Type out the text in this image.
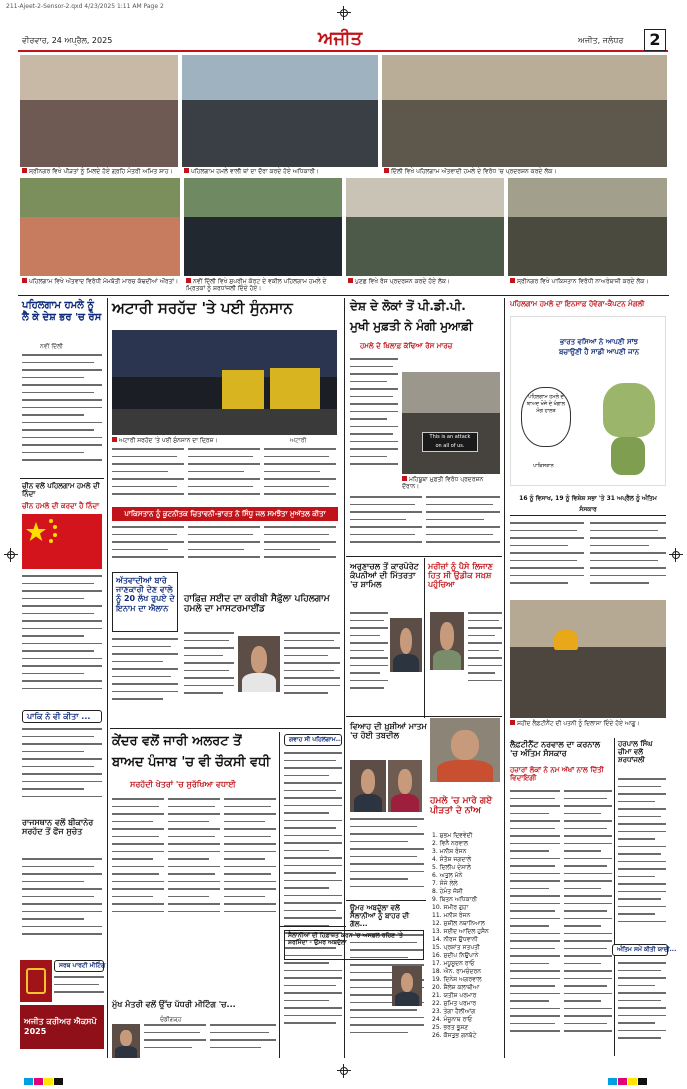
211-Ajeet-2-Sensor-2.qxd 4/23/2025 1:11 AM Page 2
ਵੀਰਵਾਰ, 24 ਅਪ੍ਰੈਲ, 2025	ਅਜੀਤ	ਅਜੀਤ, ਜਲੰਧਰ	2
ਸ੍ਰੀਨਗਰ ਵਿਖੇ ਪੀੜਤਾਂ ਨੂੰ ਮਿਲਦੇ ਹੋਏ ਗ੍ਰਹਿ ਮੰਤਰੀ ਅਮਿਤ ਸ਼ਾਹ।	ਪਹਿਲਗਾਮ ਹਮਲੇ ਵਾਲੀ ਥਾਂ ਦਾ ਦੌਰਾ ਕਰਦੇ ਹੋਏ ਅਧਿਕਾਰੀ।	ਦਿੱਲੀ ਵਿਖੇ ਪਹਿਲਗਾਮ ਅੱਤਵਾਦੀ ਹਮਲੇ ਦੇ ਵਿਰੋਧ 'ਚ ਪ੍ਰਦਰਸ਼ਨ ਕਰਦੇ ਲੋਕ।
ਪਹਿਲਗਾਮ ਵਿਖੇ ਅੱਤਵਾਦ ਵਿਰੋਧੀ ਮੋਮਬੱਤੀ ਮਾਰਚ ਕੱਢਦੀਆਂ ਔਰਤਾਂ।	ਨਵੀਂ ਦਿੱਲੀ ਵਿਖੇ ਸੁਪਰੀਮ ਕੋਰਟ ਦੇ ਵਕੀਲ ਪਹਿਲਗਾਮ ਹਮਲੇ ਦੇ ਮ੍ਰਿਤਕਾਂ ਨੂੰ ਸ਼ਰਧਾਂਜਲੀ ਦਿੰਦੇ ਹੋਏ।
ਪੁਣਛ ਵਿਖੇ ਰੋਸ ਪ੍ਰਦਰਸ਼ਨ ਕਰਦੇ ਹੋਏ ਲੋਕ।	ਸ੍ਰੀਨਗਰ ਵਿਖੇ ਪਾਕਿਸਤਾਨ ਵਿਰੋਧੀ ਨਾਅਰੇਬਾਜ਼ੀ ਕਰਦੇ ਲੋਕ।
ਪਹਿਲਗਾਮ ਹਮਲੇ ਨੂੰ ਲੈ ਕੇ ਦੇਸ਼ ਭਰ 'ਚ ਰੋਸ
ਨਵੀਂ ਦਿੱਲੀ
ਚੀਨ ਵਲੋਂ ਪਹਿਲਗਾਮ ਹਮਲੇ ਦੀ ਨਿੰਦਾ
ਚੀਨ ਹਮਲੇ ਦੀ ਕਰਦਾ ਹੈ ਨਿੰਦਾ
ਪਾਕਿ ਨੇ ਵੀ ਕੀਤਾ ...
ਰਾਜਸਥਾਨ ਵਲੋਂ ਬੀਕਾਨੇਰ ਸਰਹੱਦ ਤੋਂ ਫੌਜ ਸੁਚੇਤ
ਸਰਬ ਪਾਰਟੀ ਮੀਟਿੰਗ
ਅਜੀਤ ਕਰੀਅਰ ਐਕਸਪੋ 2025
ਅਟਾਰੀ ਸਰਹੱਦ 'ਤੇ ਪਈ ਸੁੰਨਸਾਨ
ਅਟਾਰੀ ਸਰਹੱਦ 'ਤੇ ਪਈ ਸੁੰਨਸਾਨ ਦਾ ਦ੍ਰਿਸ਼।	ਅਟਾਰੀ
ਪਾਕਿਸਤਾਨ ਨੂੰ ਕੂਟਨੀਤਕ ਚਿਤਾਵਨੀ-ਭਾਰਤ ਨੇ ਸਿੰਧੂ ਜਲ ਸਮਝੌਤਾ ਮੁਅੱਤਲ ਕੀਤਾ
ਅੱਤਵਾਦੀਆਂ ਬਾਰੇ ਜਾਣਕਾਰੀ ਦੇਣ ਵਾਲੇ ਨੂੰ 20 ਲੱਖ ਰੁਪਏ ਦੇ ਇਨਾਮ ਦਾ ਐਲਾਨ
ਹਾਫ਼ਿਜ਼ ਸਈਦ ਦਾ ਕਰੀਬੀ ਸੈਫ਼ੁੱਲਾ ਪਹਿਲਗਾਮ ਹਮਲੇ ਦਾ ਮਾਸਟਰਮਾਈਂਡ
ਕੇਂਦਰ ਵਲੋਂ ਜਾਰੀ ਅਲਰਟ ਤੋਂ
ਬਾਅਦ ਪੰਜਾਬ 'ਚ ਵੀ ਚੌਕਸੀ ਵਧੀ
ਸਰਹੱਦੀ ਖੇਤਰਾਂ 'ਚ ਸੁਰੱਖਿਆ ਵਧਾਈ
ਮੁੱਖ ਮੰਤਰੀ ਵਲੋਂ ਉੱਚ ਪੱਧਰੀ ਮੀਟਿੰਗ 'ਚ...
ਚੰਡੀਗੜ੍ਹ
ਗਵਾਹ ਸੀ ਪਹਿਲਗਾਮ...
ਦੇਸ਼ ਦੇ ਲੋਕਾਂ ਤੋਂ ਪੀ.ਡੀ.ਪੀ.
ਮੁਖੀ ਮੁਫ਼ਤੀ ਨੇ ਮੰਗੀ ਮੁਆਫ਼ੀ
ਹਮਲੇ ਦੇ ਖ਼ਿਲਾਫ਼ ਕੱਢਿਆ ਰੋਸ ਮਾਰਚ
This is an attack
on all of us.
ਮਹਿਬੂਬਾ ਮੁਫ਼ਤੀ ਵਿਰੋਧ ਪ੍ਰਦਰਸ਼ਨ ਦੌਰਾਨ।
ਅਰੁਣਾਚਲ ਤੋਂ ਕਾਰਪੋਰੇਟ ਕੰਪਨੀਆਂ ਦੀ ਮਿੱਤਰਤਾ 'ਚ ਸ਼ਾਮਿਲ
ਮਰੀਜ਼ਾਂ ਨੂੰ ਪੈਸੇ ਲਿਜਾਣ ਹਿਤ ਸੀ ਉਡੀਕ ਸਖ਼ਸ਼ ਪਹੁੰਚਿਆ
ਵਿਆਹ ਦੀ ਖ਼ੁਸ਼ੀਆਂ ਮਾਤਮ 'ਚ ਹੋਈ ਤਬਦੀਲ
ਹਮਲੇ 'ਚ ਮਾਰੇ ਗਏ ਪੀੜਤਾਂ ਦੇ ਨਾਂਅ
1. ਸ਼ੁਭਮ ਦ੍ਵਿਵੇਦੀ
2. ਵਿਨੈ ਨਰਵਾਲ
3. ਮਨੀਸ਼ ਰੰਜਨ
4. ਸੰਤੋਸ਼ ਜਗਦਾਲੇ
5. ਦਿਲੀਪ ਦੇਸਾਲੇ
6. ਅਤੁਲ ਮੋਨੇ
7. ਸੰਜੇ ਲੇਲੇ
8. ਹੇਮੰਤ ਜੋਸ਼ੀ
9. ਬਿਤਨ ਅਧਿਕਾਰੀ
10. ਸਮੀਰ ਗੁਹਾ
11. ਮਨੀਸ਼ ਰੰਜਨ
12. ਸੁਸ਼ੀਲ ਨਥਾਨਿਆਲ
13. ਸਈਦ ਆਦਿਲ ਹੁਸੈਨ
14. ਨੀਰਜ ਉਧਵਾਨੀ
15. ਪ੍ਰਸ਼ਾਂਤ ਸਤਪਤੀ
16. ਸੁਦੀਪ ਨਿਉਪਾਨੇ
17. ਮਧੂਸੂਦਨ ਰਾਓ
18. ਐਨ. ਰਾਮਚੰਦਰਨ
19. ਦਿਨੇਸ਼ ਅਗਰਵਾਲ
20. ਸ਼ੈਲੇਸ਼ ਕਲਾਥੀਆ
21. ਯਤੀਸ਼ ਪਰਮਾਰ
22. ਸੁਮਿਤ ਪਰਮਾਰ
23. ਤੇਗਾ ਹੈਲੀਆਂਗ
24. ਮੰਜੂਨਾਥ ਰਾਓ
25. ਭਰਤ ਭੂਸ਼ਣ
26. ਕੌਸਤੁਭ ਗਨਬੋਟੇ
ਉਮਰ ਅਬਦੁੱਲਾ ਵਲੋਂ ਸੈਲਾਨੀਆਂ ਨੂੰ ਬਾਹਰ ਦੀ ਗੱਲ...
ਸੈਲਾਨੀਆਂ ਦੀ ਹਿਫ਼ਾਜ਼ਤ ਕਰਨ 'ਚ ਅਸਫ਼ਲ ਰਹਿਣ 'ਤੇ ਸ਼ਰਮਿੰਦਾ - ਉਮਰ ਅਬਦੁੱਲਾ
ਪਹਿਲਗਾਮ ਹਮਲੇ ਦਾ ਇਨਸਾਫ਼ ਹੋਵੇਗਾ-ਕੈਪਟਨ ਮੰਗਲੀ
ਭਾਰਤ ਵਸਿਆਂ ਨੇ ਆਪਣੀ ਸਾਂਝ
ਬਚਾਉਣੀ ਹੈ ਸਾਡੀ ਆਪਣੀ ਜਾਨ
ਪਹਿਲਗਾਮ ਹਮਲੇ ਦੇ ਬਾਅਦ ਖੋਜੇ ਦੇ ਖੰਗਾਲ ਮੰਗ ਹਾਲਤ
ਪਾਕਿਸਤਾਨ
16 ਨੂੰ ਵਿਸਾਖ, 19 ਨੂੰ ਵਿਸ਼ੇਸ਼ ਸਭਾ 'ਤੇ 31 ਅਪ੍ਰੈਲ ਨੂੰ ਅੰਤਿਮ ਸੰਸਕਾਰ
ਸ਼ਹੀਦ ਲੈਫ਼ਟੀਨੈਂਟ ਦੀ ਪਤਨੀ ਨੂੰ ਦਿਲਾਸਾ ਦਿੰਦੇ ਹੋਏ ਆਗੂ।
ਲੈਫ਼ਟੀਨੈਂਟ ਨਰਵਾਲ ਦਾ ਕਰਨਾਲ 'ਚ ਅੰਤਿਮ ਸੰਸਕਾਰ
ਹਜ਼ਾਰਾਂ ਲੋਕਾਂ ਨੇ ਨਮ ਅੱਖਾਂ ਨਾਲ ਦਿੱਤੀ ਵਿਦਾਇਗੀ
ਹਰਪਾਲ ਸਿੰਘ ਚੀਮਾ ਵਲੋਂ ਸ਼ਰਧਾਂਜਲੀ
ਅੰਤਿਮ ਸਮੇਂ ਕੀਤੀ ਯਾਦੀ...
